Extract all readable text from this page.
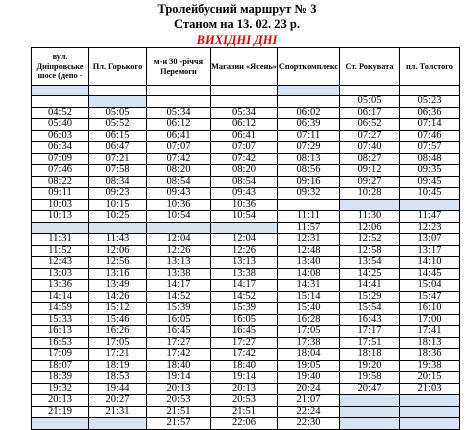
Тролейбусний маршрут № 3
Станом на 13. 02. 23 р.
ВИХІДНІ ДНІ
вул. Дніпровське шосе (депо -	Пл. Горького	м-н 30 -річчя Перемоги	Магазин «Ясень»	Спорткомплекс	Ст. Рокувата	пл. Толстого

					05:05	05:23
04:52	05:05	05:34	05:34	06:02	06:17	06:36
05:40	05:52	06:12	06:12	06:39	06:52	07:14
06:03	06:15	06:41	06:41	07:11	07:27	07:46
06:34	06:47	07:07	07:07	07:29	07:40	07:57
07:09	07:21	07:42	07:42	08:13	08:27	08:48
07:46	07:58	08:20	08:20	08:56	09:12	09:35
08:22	08:34	08:54	08:54	09:16	09:27	09:45
09:11	09:23	09:43	09:43	09:32	10:28	10:45
10:03	10:15	10:36	10:36			
10:13	10:25	10:54	10:54	11:11	11:30	11:47
				11:57	12:06	12:23
11:31	11:43	12:04	12:04	12:31	12:52	13:07
11:52	12:06	12:26	12:26	12:48	12:58	13:17
12:43	12:56	13:13	13:13	13:40	13:54	14:10
13:03	13:16	13:38	13:38	14:08	14:25	14:45
13:36	13:49	14:17	14:17	14:31	14:41	15:04
14:14	14:26	14:52	14:52	15:14	15:29	15:47
14:59	15:12	15:39	15:39	15:40	15:54	16:10
15:33	15:46	16:05	16:05	16:28	16:43	17:00
16:13	16:26	16:45	16:45	17:05	17:17	17:41
16:53	17:05	17:27	17:27	17:38	17:51	18:13
17:09	17:21	17:42	17:42	18:04	18:18	18:36
18:07	18:19	18:40	18:40	19:05	19:20	19:38
18:39	18:53	19:14	19:14	19:40	19:58	20:15
19:32	19:44	20:13	20:13	20:24	20:47	21:03
20:13	20:27	20:53	20:53	21:07		
21:19	21:31	21:51	21:51	22:24		
		21:57	22:06	22:30		
